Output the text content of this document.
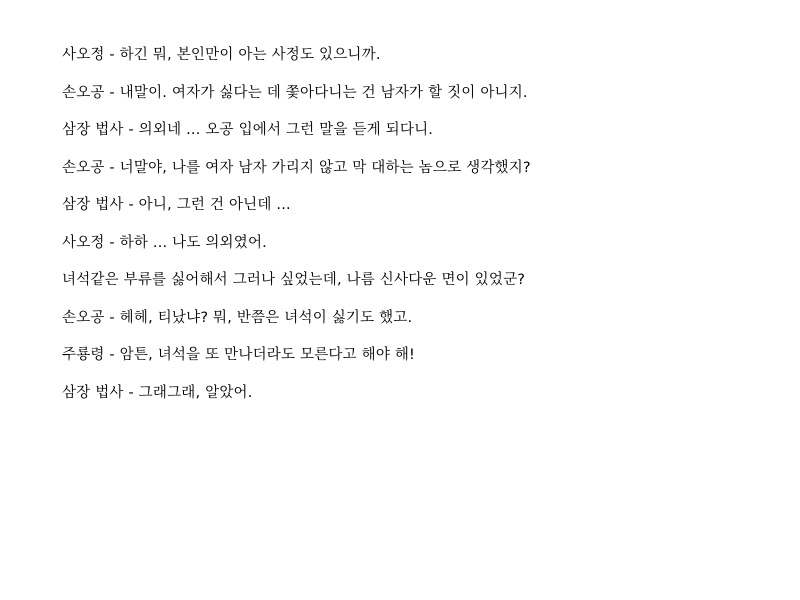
사오정 - 하긴 뭐, 본인만이 아는 사정도 있으니까.

손오공 - 내말이. 여자가 싫다는 데 쫓아다니는 건 남자가 할 짓이 아니지.

삼장 법사 - 의외네 ... 오공 입에서 그런 말을 듣게 되다니.

손오공 - 너말야, 나를 여자 남자 가리지 않고 막 대하는 놈으로 생각했지?

삼장 법사 - 아니, 그런 건 아닌데 ...

사오정 - 하하 ... 나도 의외였어.

녀석같은 부류를 싫어해서 그러나 싶었는데, 나름 신사다운 면이 있었군?

손오공 - 헤헤, 티났냐? 뭐, 반쯤은 녀석이 싫기도 했고.

주룡령 - 암튼, 녀석을 또 만나더라도 모른다고 해야 해!

삼장 법사 - 그래그래, 알았어.
